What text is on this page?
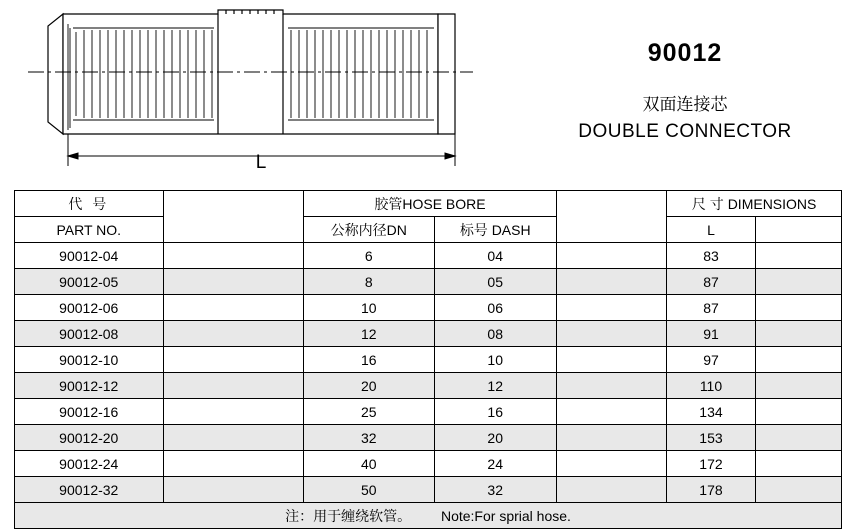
L
90012
双面连接芯
DOUBLE CONNECTOR
代 号		胶管HOSE BORE			尺 寸 DIMENSIONS	
PART NO.		公称内径DN	标号 DASH		L	
90012-04		6	04		83	
90012-05		8	05		87	
90012-06		10	06		87	
90012-08		12	08		91	
90012-10		16	10		97	
90012-12		20	12		110	
90012-16		25	16		134	
90012-20		32	20		153	
90012-24		40	24		172	
90012-32		50	32		178	
注：用于缠绕软管。 Note:For sprial hose.						
